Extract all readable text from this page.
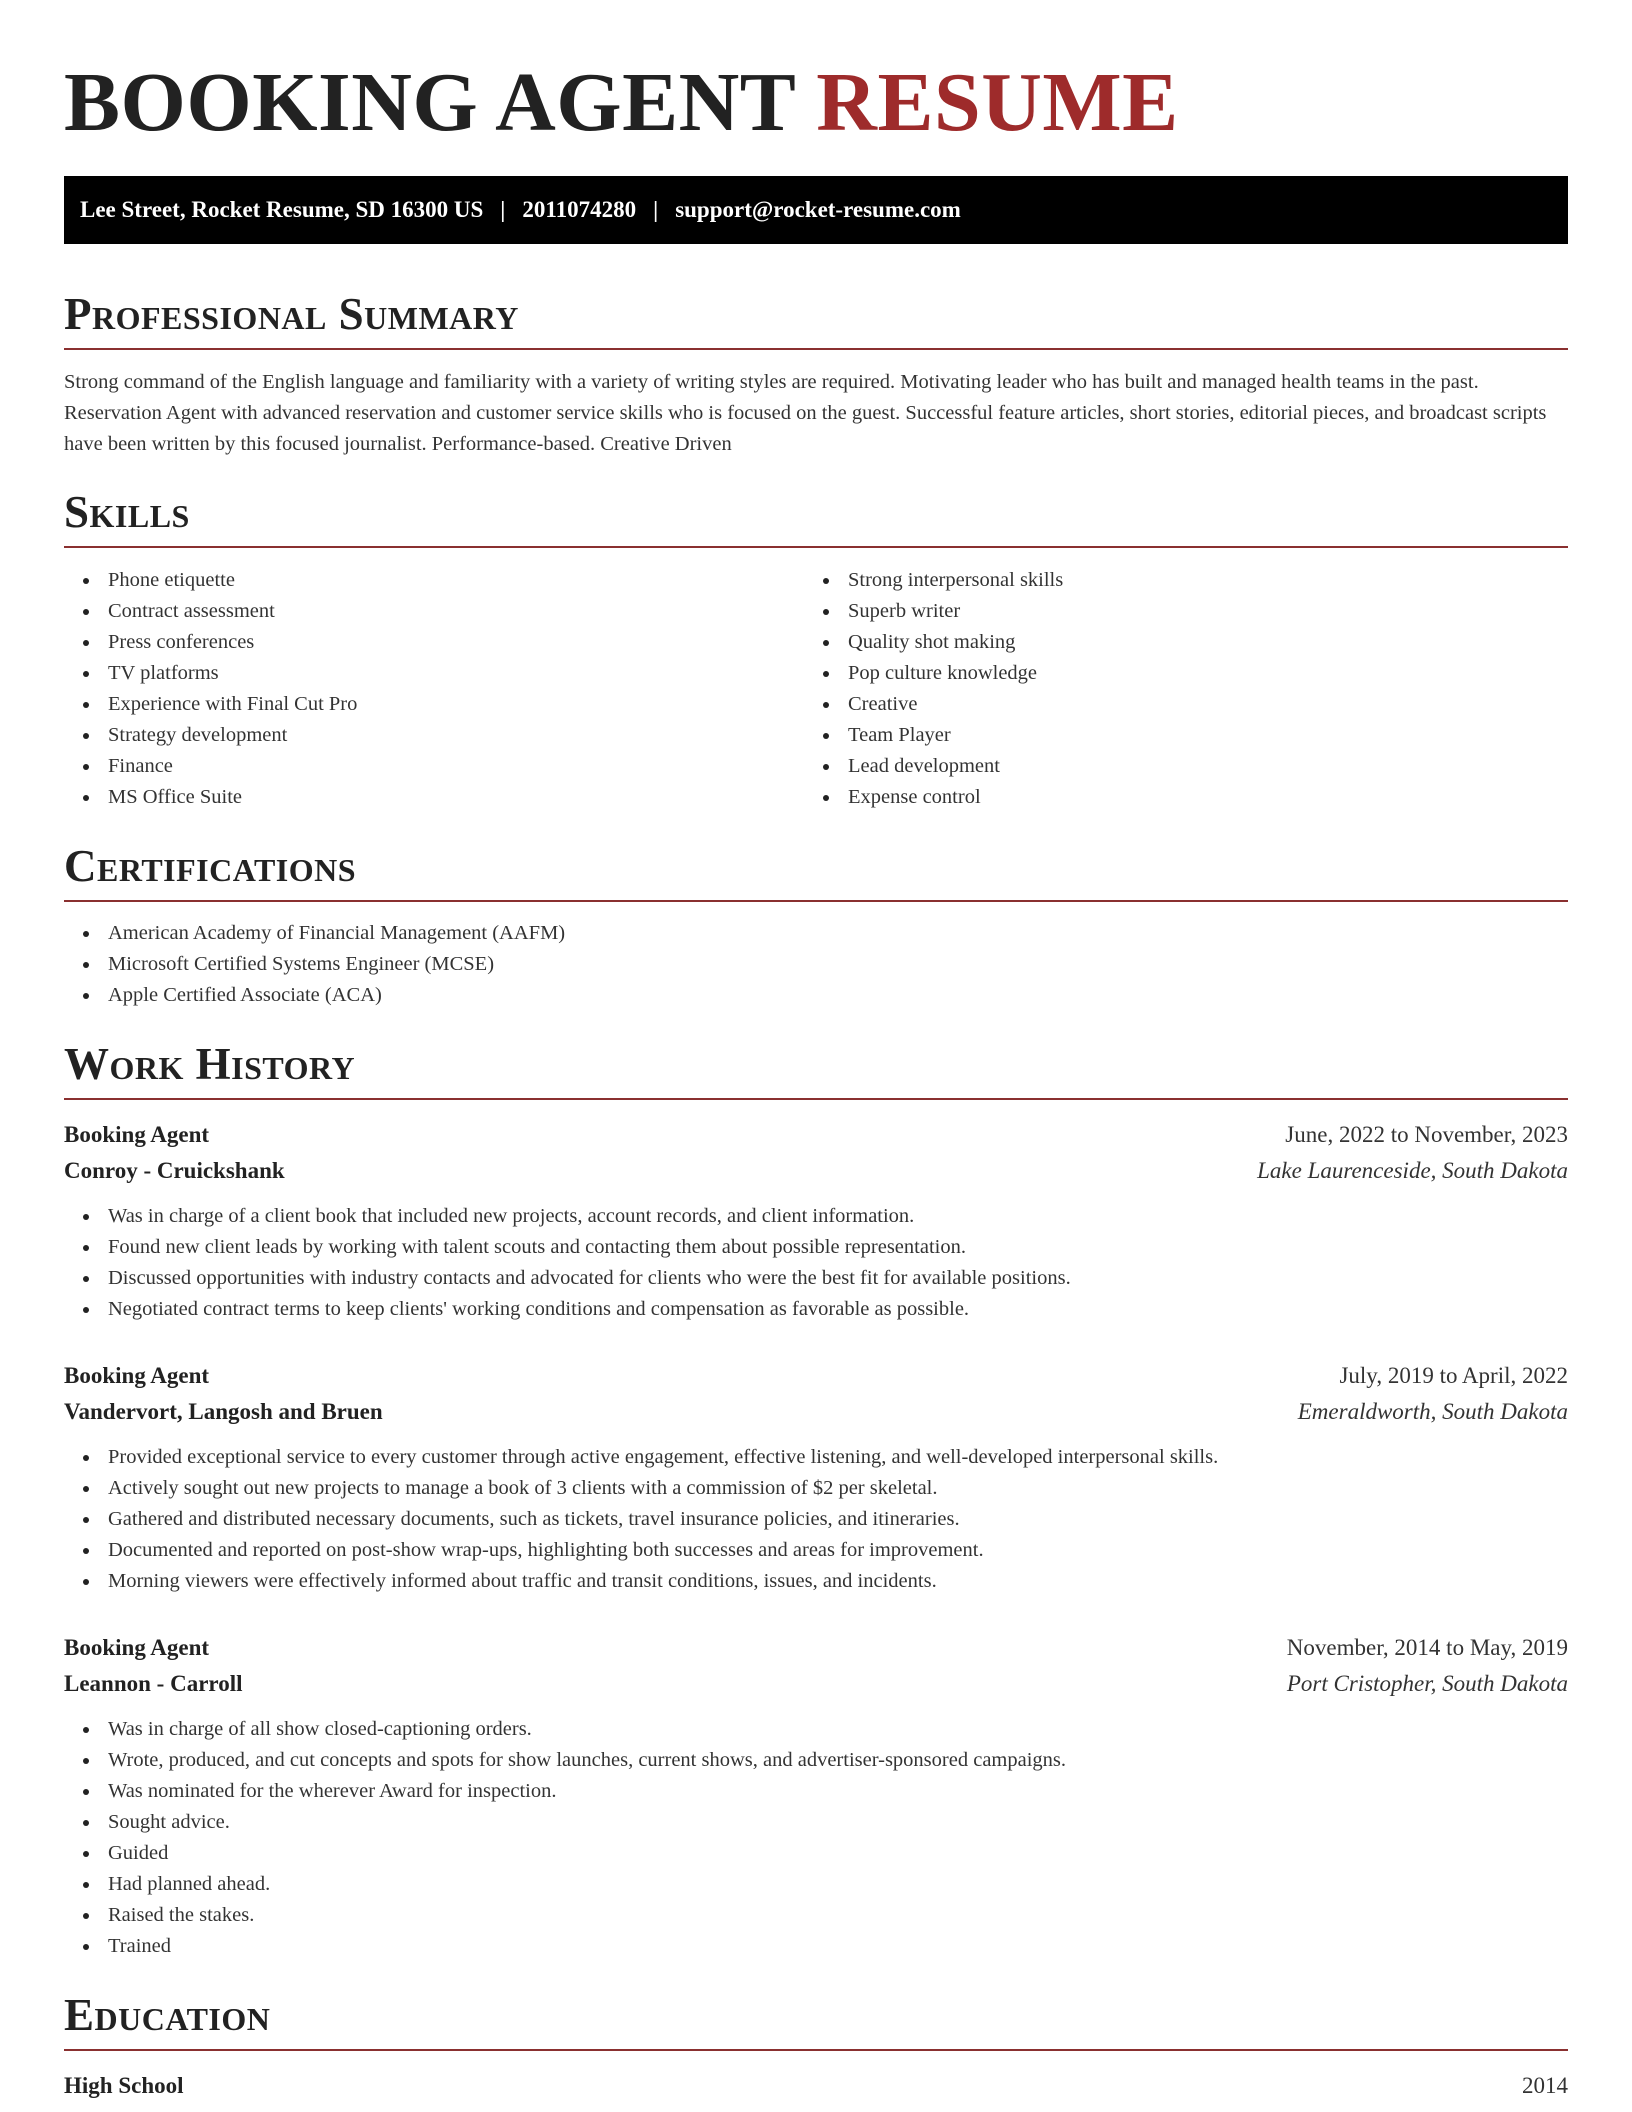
BOOKING AGENT RESUME
Lee Street, Rocket Resume, SD 16300 US | 2011074280 | support@rocket-resume.com
Professional Summary

Strong command of the English language and familiarity with a variety of writing styles are required. Motivating leader who has built and managed health teams in the past. Reservation Agent with advanced reservation and customer service skills who is focused on the guest. Successful feature articles, short stories, editorial pieces, and broadcast scripts have been written by this focused journalist. Performance-based. Creative Driven

Skills
Phone etiquette
Contract assessment
Press conferences
TV platforms
Experience with Final Cut Pro
Strategy development
Finance
MS Office Suite
Strong interpersonal skills
Superb writer
Quality shot making
Pop culture knowledge
Creative
Team Player
Lead development
Expense control
Certifications
American Academy of Financial Management (AAFM)
Microsoft Certified Systems Engineer (MCSE)
Apple Certified Associate (ACA)
Work History
Booking Agent	June, 2022 to November, 2023
Conroy - Cruickshank	Lake Laurenceside, South Dakota
Was in charge of a client book that included new projects, account records, and client information.
Found new client leads by working with talent scouts and contacting them about possible representation.
Discussed opportunities with industry contacts and advocated for clients who were the best fit for available positions.
Negotiated contract terms to keep clients' working conditions and compensation as favorable as possible.
Booking Agent	July, 2019 to April, 2022
Vandervort, Langosh and Bruen	Emeraldworth, South Dakota
Provided exceptional service to every customer through active engagement, effective listening, and well-developed interpersonal skills.
Actively sought out new projects to manage a book of 3 clients with a commission of $2 per skeletal.
Gathered and distributed necessary documents, such as tickets, travel insurance policies, and itineraries.
Documented and reported on post-show wrap-ups, highlighting both successes and areas for improvement.
Morning viewers were effectively informed about traffic and transit conditions, issues, and incidents.
Booking Agent	November, 2014 to May, 2019
Leannon - Carroll	Port Cristopher, South Dakota
Was in charge of all show closed-captioning orders.
Wrote, produced, and cut concepts and spots for show launches, current shows, and advertiser-sponsored campaigns.
Was nominated for the wherever Award for inspection.
Sought advice.
Guided
Had planned ahead.
Raised the stakes.
Trained
Education
High School	2014
